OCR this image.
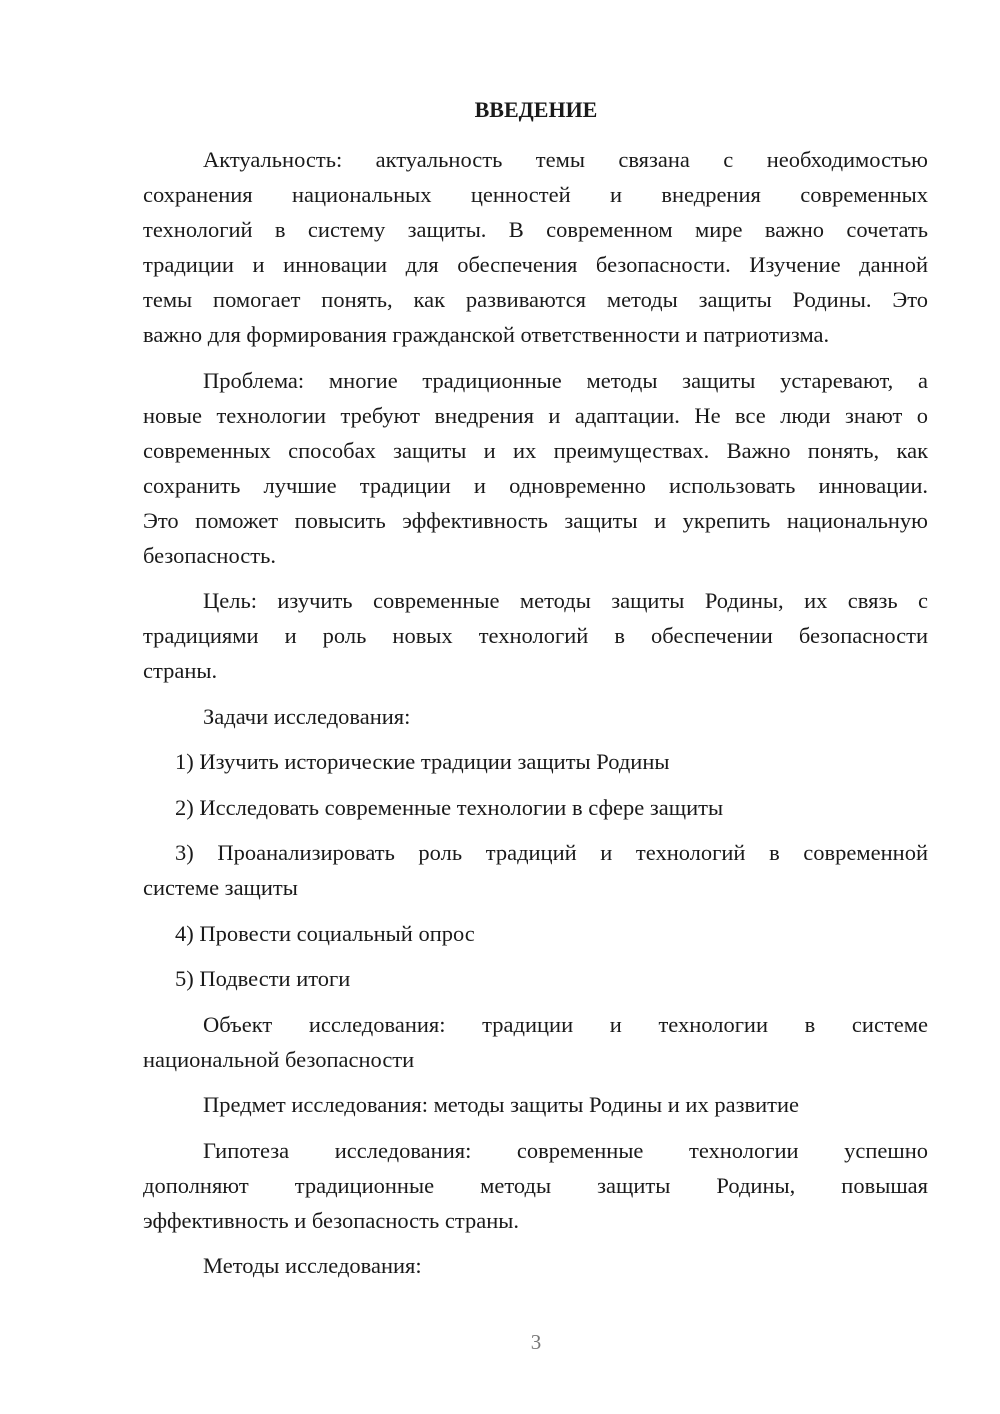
ВВЕДЕНИЕ
Актуальность: актуальность темы связана с необходимостью
сохранения национальных ценностей и внедрения современных
технологий в систему защиты. В современном мире важно сочетать
традиции и инновации для обеспечения безопасности. Изучение данной
темы помогает понять, как развиваются методы защиты Родины. Это
важно для формирования гражданской ответственности и патриотизма.
Проблема: многие традиционные методы защиты устаревают, а
новые технологии требуют внедрения и адаптации. Не все люди знают о
современных способах защиты и их преимуществах. Важно понять, как
сохранить лучшие традиции и одновременно использовать инновации.
Это поможет повысить эффективность защиты и укрепить национальную
безопасность.
Цель: изучить современные методы защиты Родины, их связь с
традициями и роль новых технологий в обеспечении безопасности
страны.
Задачи исследования:
1) Изучить исторические традиции защиты Родины
2) Исследовать современные технологии в сфере защиты
3) Проанализировать роль традиций и технологий в современной
системе защиты
4) Провести социальный опрос
5) Подвести итоги
Объект исследования: традиции и технологии в системе
национальной безопасности
Предмет исследования: методы защиты Родины и их развитие
Гипотеза исследования: современные технологии успешно
дополняют традиционные методы защиты Родины, повышая
эффективность и безопасность страны.
Методы исследования:
3
